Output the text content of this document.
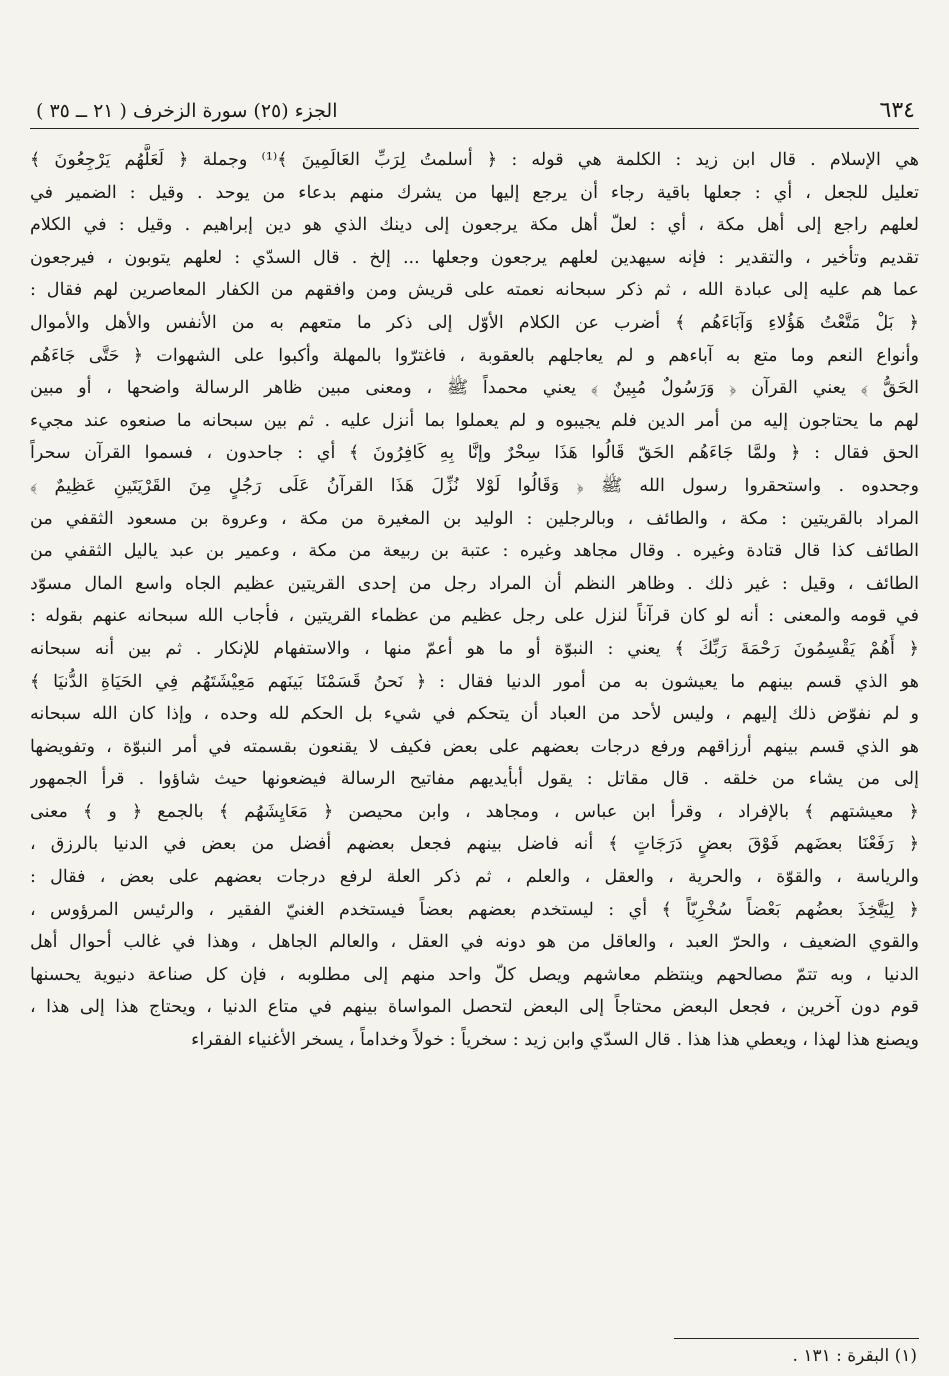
٦٣٤
الجزء (٢٥) سورة الزخرف ( ٢١ ــ ٣٥ )
هي الإسلام . قال ابن زيد : الكلمة هي قوله : ﴿ أسلمتُ لِرَبِّ العَالَمِينَ ﴾⁽¹⁾ وجملة ﴿ لَعَلَّهُم يَرْجِعُونَ ﴾
تعليل للجعل ، أي : جعلها باقية رجاء أن يرجع إليها من يشرك منهم بدعاء من يوحد . وقيل : الضمير في
لعلهم راجع إلى أهل مكة ، أي : لعلّ أهل مكة يرجعون إلى دينك الذي هو دين إبراهيم . وقيل : في الكلام
تقديم وتأخير ، والتقدير : فإنه سيهدين لعلهم يرجعون وجعلها ... إلخ . قال السدّي : لعلهم يتوبون ، فيرجعون
عما هم عليه إلى عبادة الله ، ثم ذكر سبحانه نعمته على قريش ومن وافقهم من الكفار المعاصرين لهم فقال :
﴿ بَلْ مَتَّعْتُ هَؤُلاءِ وَآبَاءَهُم ﴾ أضرب عن الكلام الأوّل إلى ذكر ما متعهم به من الأنفس والأهل والأموال
وأنواع النعم وما متع به آباءهم و لم يعاجلهم بالعقوبة ، فاغترّوا بالمهلة وأكبوا على الشهوات ﴿ حَتَّى جَاءَهُم
الحَقُّ ﴾ يعني القرآن ﴿ وَرَسُولٌ مُبِينٌ ﴾ يعني محمداً ﷺ ، ومعنى مبين ظاهر الرسالة واضحها ، أو مبين
لهم ما يحتاجون إليه من أمر الدين فلم يجيبوه و لم يعملوا بما أنزل عليه . ثم بين سبحانه ما صنعوه عند مجيء
الحق فقال : ﴿ ولمَّا جَاءَهُم الحَقّ قَالُوا هَذَا سِحْرٌ وإنَّا بِهِ كَافِرُونَ ﴾ أي : جاحدون ، فسموا القرآن سحراً
وجحدوه . واستحقروا رسول الله ﷺ ﴿ وَقَالُوا لَوْلا نُزِّلَ هَذَا القرآنُ عَلَى رَجُلٍ مِنَ القَرْيَتَينِ عَظِيمٌ ﴾
المراد بالقريتين : مكة ، والطائف ، وبالرجلين : الوليد بن المغيرة من مكة ، وعروة بن مسعود الثقفي من
الطائف كذا قال قتادة وغيره . وقال مجاهد وغيره : عتبة بن ربيعة من مكة ، وعمير بن عبد ياليل الثقفي من
الطائف ، وقيل : غير ذلك . وظاهر النظم أن المراد رجل من إحدى القريتين عظيم الجاه واسع المال مسوّد
في قومه والمعنى : أنه لو كان قرآناً لنزل على رجل عظيم من عظماء القريتين ، فأجاب الله سبحانه عنهم بقوله :
﴿ أَهُمْ يَقْسِمُونَ رَحْمَةَ رَبِّكَ ﴾ يعني : النبوّة أو ما هو أعمّ منها ، والاستفهام للإنكار . ثم بين أنه سبحانه
هو الذي قسم بينهم ما يعيشون به من أمور الدنيا فقال : ﴿ نَحنُ قَسَمْنَا بَينَهم مَعِيْشَتَهُم فِي الحَيَاةِ الدُّنيَا ﴾
و لم نفوّض ذلك إليهم ، وليس لأحد من العباد أن يتحكم في شيء بل الحكم لله وحده ، وإذا كان الله سبحانه
هو الذي قسم بينهم أرزاقهم ورفع درجات بعضهم على بعض فكيف لا يقنعون بقسمته في أمر النبوّة ، وتفويضها
إلى من يشاء من خلقه . قال مقاتل : يقول أبأيديهم مفاتيح الرسالة فيضعونها حيث شاؤوا . قرأ الجمهور
﴿ معيشتهم ﴾ بالإفراد ، وقرأ ابن عباس ، ومجاهد ، وابن محيصن ﴿ مَعَايِشَهُم ﴾ بالجمع ﴿ و ﴾ معنى
﴿ رَفَعْنَا بعضَهم فَوْقَ بعضٍ دَرَجَاتٍ ﴾ أنه فاضل بينهم فجعل بعضهم أفضل من بعض في الدنيا بالرزق ،
والرياسة ، والقوّة ، والحرية ، والعقل ، والعلم ، ثم ذكر العلة لرفع درجات بعضهم على بعض ، فقال :
﴿ لِيَتَّخِذَ بعضُهم بَعْضاً سُخْرِيّاً ﴾ أي : ليستخدم بعضهم بعضاً فيستخدم الغنيّ الفقير ، والرئيس المرؤوس ،
والقوي الضعيف ، والحرّ العبد ، والعاقل من هو دونه في العقل ، والعالم الجاهل ، وهذا في غالب أحوال أهل
الدنيا ، وبه تتمّ مصالحهم وينتظم معاشهم ويصل كلّ واحد منهم إلى مطلوبه ، فإن كل صناعة دنيوية يحسنها
قوم دون آخرين ، فجعل البعض محتاجاً إلى البعض لتحصل المواساة بينهم في متاع الدنيا ، ويحتاج هذا إلى هذا ،
ويصنع هذا لهذا ، ويعطي هذا هذا . قال السدّي وابن زيد : سخرياً : خولاً وخداماً ، يسخر الأغنياء الفقراء
(١) البقرة : ١٣١ .
